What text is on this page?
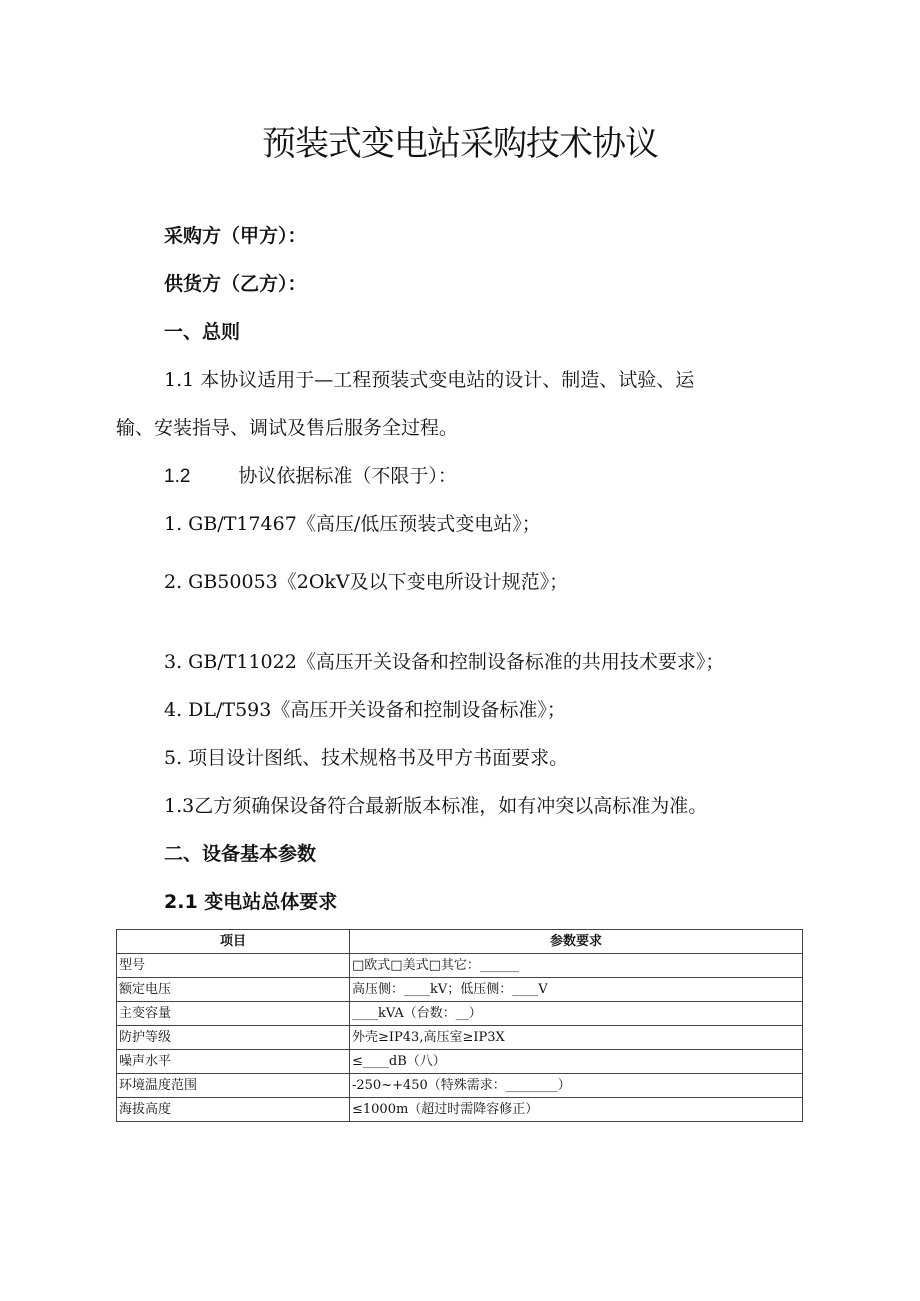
预装式变电站采购技术协议
采购方（甲方）：
供货方（乙方）：
一、总则
1.1 本协议适用于—工程预装式变电站的设计、制造、试验、运
输、安装指导、调试及售后服务全过程。
1.2	协议依据标准（不限于）：
1. GB/T17467《高压/低压预装式变电站》；
2. GB50053《2OkV及以下变电所设计规范》；
3. GB/T11022《高压开关设备和控制设备标准的共用技术要求》；
4. DL/T593《高压开关设备和控制设备标准》；
5. 项目设计图纸、技术规格书及甲方书面要求。
1.3乙方须确保设备符合最新版本标准，如有冲突以高标准为准。
二、设备基本参数
2.1 变电站总体要求
项目	参数要求
型号	□欧式□美式□其它：______
额定电压	高压侧：____kV；低压侧：____V
主变容量	____kVA（台数：__）
防护等级	外壳≥IP43,高压室≥IP3X
噪声水平	≤____dB（八）
环境温度范围	-250~+450（特殊需求：________）
海拔高度	≤1000m（超过时需降容修正）
